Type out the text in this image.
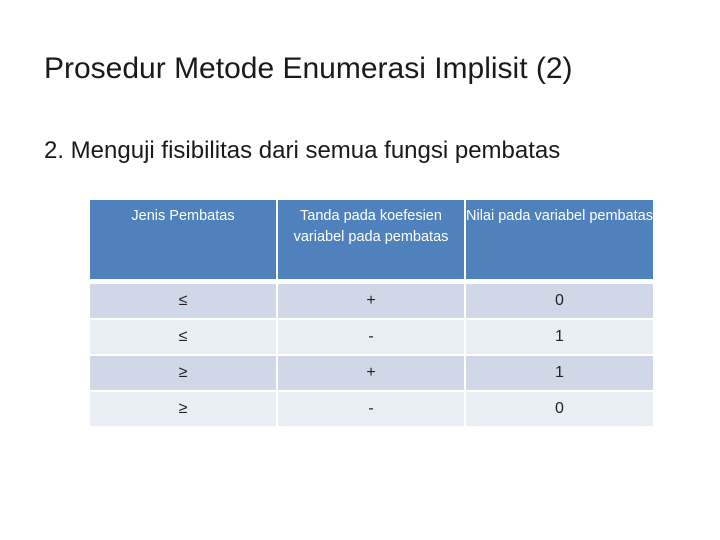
Prosedur Metode Enumerasi Implisit (2)
2. Menguji fisibilitas dari semua fungsi pembatas
Jenis Pembatas	Tanda pada koefesien variabel pada pembatas	Nilai pada variabel pembatas
≤	+	0
≤	-	1
≥	+	1
≥	-	0
